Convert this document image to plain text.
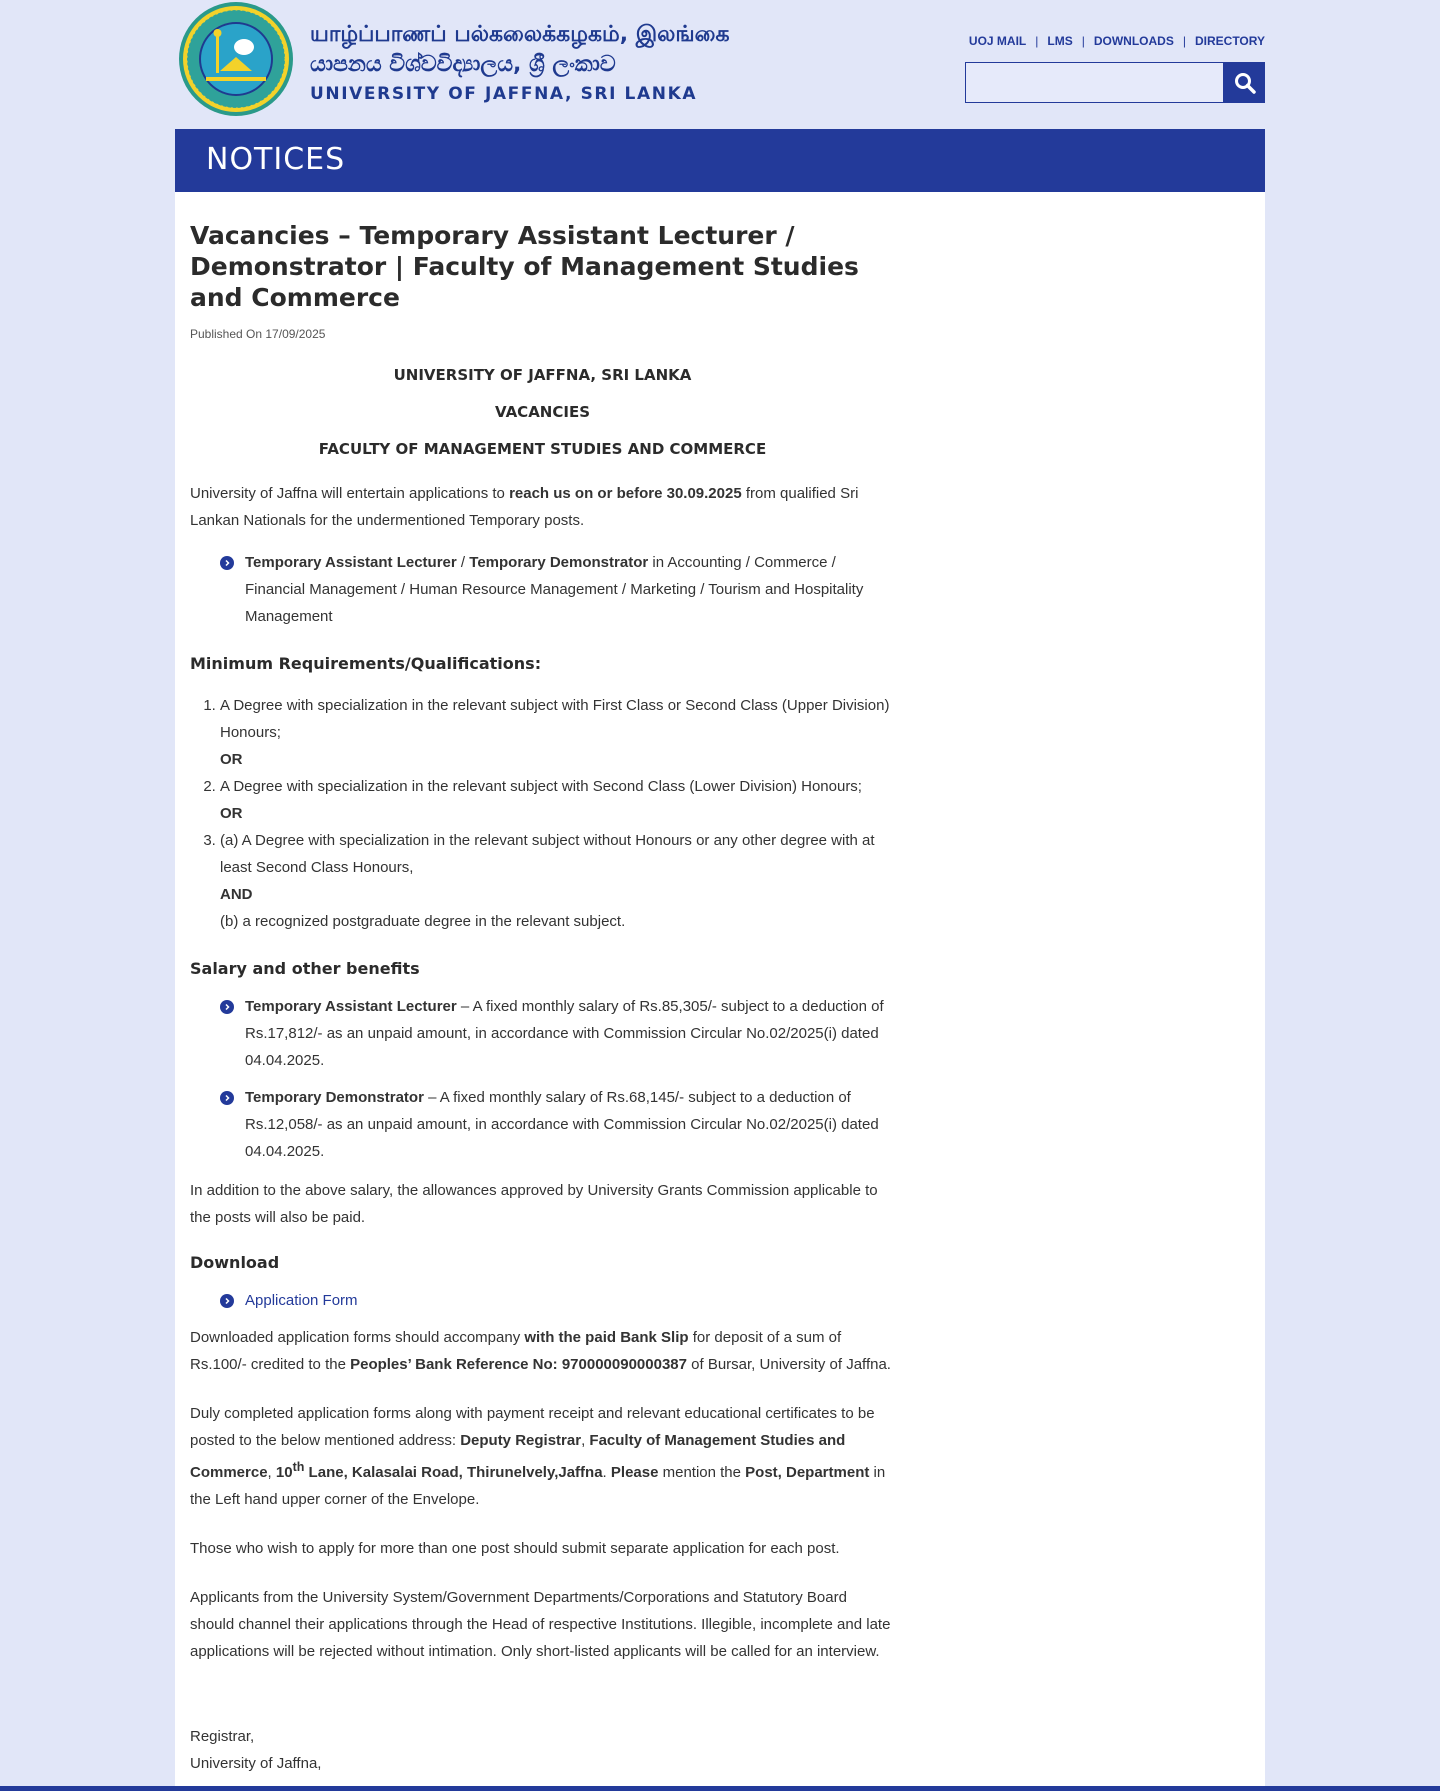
யாழ்ப்பாணப் பல்கலைக்கழகம், இலங்கை
යාපනය විශ්වවිද්‍යාලය, ශ්‍රී ලංකාව
UNIVERSITY OF JAFFNA, SRI LANKA
UOJ MAIL | LMS | DOWNLOADS | DIRECTORY
NOTICES
Vacancies – Temporary Assistant Lecturer / Demonstrator | Faculty of Management Studies and Commerce
Published On 17/09/2025
UNIVERSITY OF JAFFNA, SRI LANKA
VACANCIES
FACULTY OF MANAGEMENT STUDIES AND COMMERCE

University of Jaffna will entertain applications to reach us on or before 30.09.2025 from qualified Sri Lankan Nationals for the undermentioned Temporary posts.

Temporary Assistant Lecturer / Temporary Demonstrator in Accounting / Commerce / Financial Management / Human Resource Management / Marketing / Tourism and Hospitality Management
Minimum Requirements/Qualifications:
1. A Degree with specialization in the relevant subject with First Class or Second Class (Upper Division) Honours;
OR
2. A Degree with specialization in the relevant subject with Second Class (Lower Division) Honours;
OR
3. (a) A Degree with specialization in the relevant subject without Honours or any other degree with at least Second Class Honours,
AND
(b) a recognized postgraduate degree in the relevant subject.
Salary and other benefits
Temporary Assistant Lecturer – A fixed monthly salary of Rs.85,305/- subject to a deduction of Rs.17,812/- as an unpaid amount, in accordance with Commission Circular No.02/2025(i) dated 04.04.2025.
Temporary Demonstrator – A fixed monthly salary of Rs.68,145/- subject to a deduction of Rs.12,058/- as an unpaid amount, in accordance with Commission Circular No.02/2025(i) dated 04.04.2025.

In addition to the above salary, the allowances approved by University Grants Commission applicable to the posts will also be paid.

Download
Application Form

Downloaded application forms should accompany with the paid Bank Slip for deposit of a sum of Rs.100/- credited to the Peoples’ Bank Reference No: 970000090000387 of Bursar, University of Jaffna.

Duly completed application forms along with payment receipt and relevant educational certificates to be posted to the below mentioned address: Deputy Registrar, Faculty of Management Studies and Commerce, 10th Lane, Kalasalai Road, Thirunelvely,Jaffna. Please mention the Post, Department in the Left hand upper corner of the Envelope.

Those who wish to apply for more than one post should submit separate application for each post.

Applicants from the University System/Government Departments/Corporations and Statutory Board should channel their applications through the Head of respective Institutions. Illegible, incomplete and late applications will be rejected without intimation. Only short-listed applicants will be called for an interview.

Registrar,

University of Jaffna,
